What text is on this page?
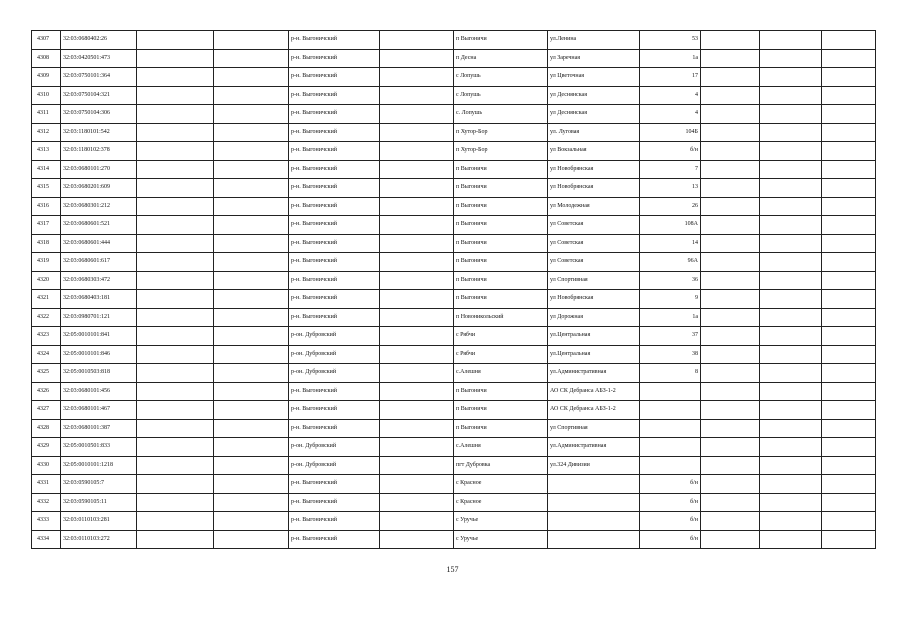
4307	32:03:0680402:26			р-н. Выгоничский		п Выгоничи	ул.Ленина	53			
4308	32:03:0420501:473			р-н. Выгоничский		п Десна	ул Заречная	1а			
4309	32:03:0750101:364			р-н. Выгоничский		с Лопушь	ул Цветочная	17			
4310	32:03:0750104:321			р-н. Выгоничский		с Лопушь	ул Деснянская	4			
4311	32:03:0750104:306			р-н. Выгоничский		с. Лопушь	ул Деснянская	4			
4312	32:03:1180101:542			р-н. Выгоничский		п Хутор-Бор	ул. Луговая	104Б			
4313	32:03:1180102:378			р-н. Выгоничский		п Хутор-Бор	ул Вокзальная	б/н			
4314	32:03:0680101:270			р-н. Выгоничский		п Выгоничи	ул Новобрянская	7			
4315	32:03:0680201:609			р-н. Выгоничский		п Выгоничи	ул Новобрянская	13			
4316	32:03:0680301:212			р-н. Выгоничский		п Выгоничи	ул Молодежная	26			
4317	32:03:0680601:521			р-н. Выгоничский		п Выгоничи	ул Советская	108А			
4318	32:03:0680601:444			р-н. Выгоничский		п Выгоничи	ул Советская	14			
4319	32:03:0680601:617			р-н. Выгоничский		п Выгоничи	ул Советская	96А			
4320	32:03:0680303:472			р-н. Выгоничский		п Выгоничи	ул Спортивная	36			
4321	32:03:0680403:181			р-н. Выгоничский		п Выгоничи	ул Новобрянская	9			
4322	32:03:0980701:121			р-н. Выгоничский		п Новоникольский	ул Дорожная	1а			
4323	32:05:0010101:841			р-он. Дубровский		с Рябчи	ул.Центральная	37			
4324	32:05:0010101:846			р-он. Дубровский		с Рябчи	ул.Центральная	38			
4325	32:05:0010503:818			р-он. Дубровский		с.Алешня	ул.Административная	8			
4326	32:03:0680101:456			р-н. Выгоничский		п Выгоничи	АО СК Дебранса АБЗ-1-2				
4327	32:03:0680101:467			р-н. Выгоничский		п Выгоничи	АО СК Дебранса АБЗ-1-2				
4328	32:03:0680101:387			р-н. Выгоничский		п Выгоничи	ул Спортивная				
4329	32:05:0010501:833			р-он. Дубровский		с.Алешня	ул.Административная				
4330	32:05:0010101:1218			р-он. Дубровский		пгт Дубровка	ул.324 Дивизии				
4331	32:03:0590105:7			р-н. Выгоничский		с Красное		б/н			
4332	32:03:0590105:11			р-н. Выгоничский		с Красное		б/н			
4333	32:03:0110103:281			р-н. Выгоничский		с Уручье		б/н			
4334	32:03:0110103:272			р-н. Выгоничский		с Уручье		б/н			
157
